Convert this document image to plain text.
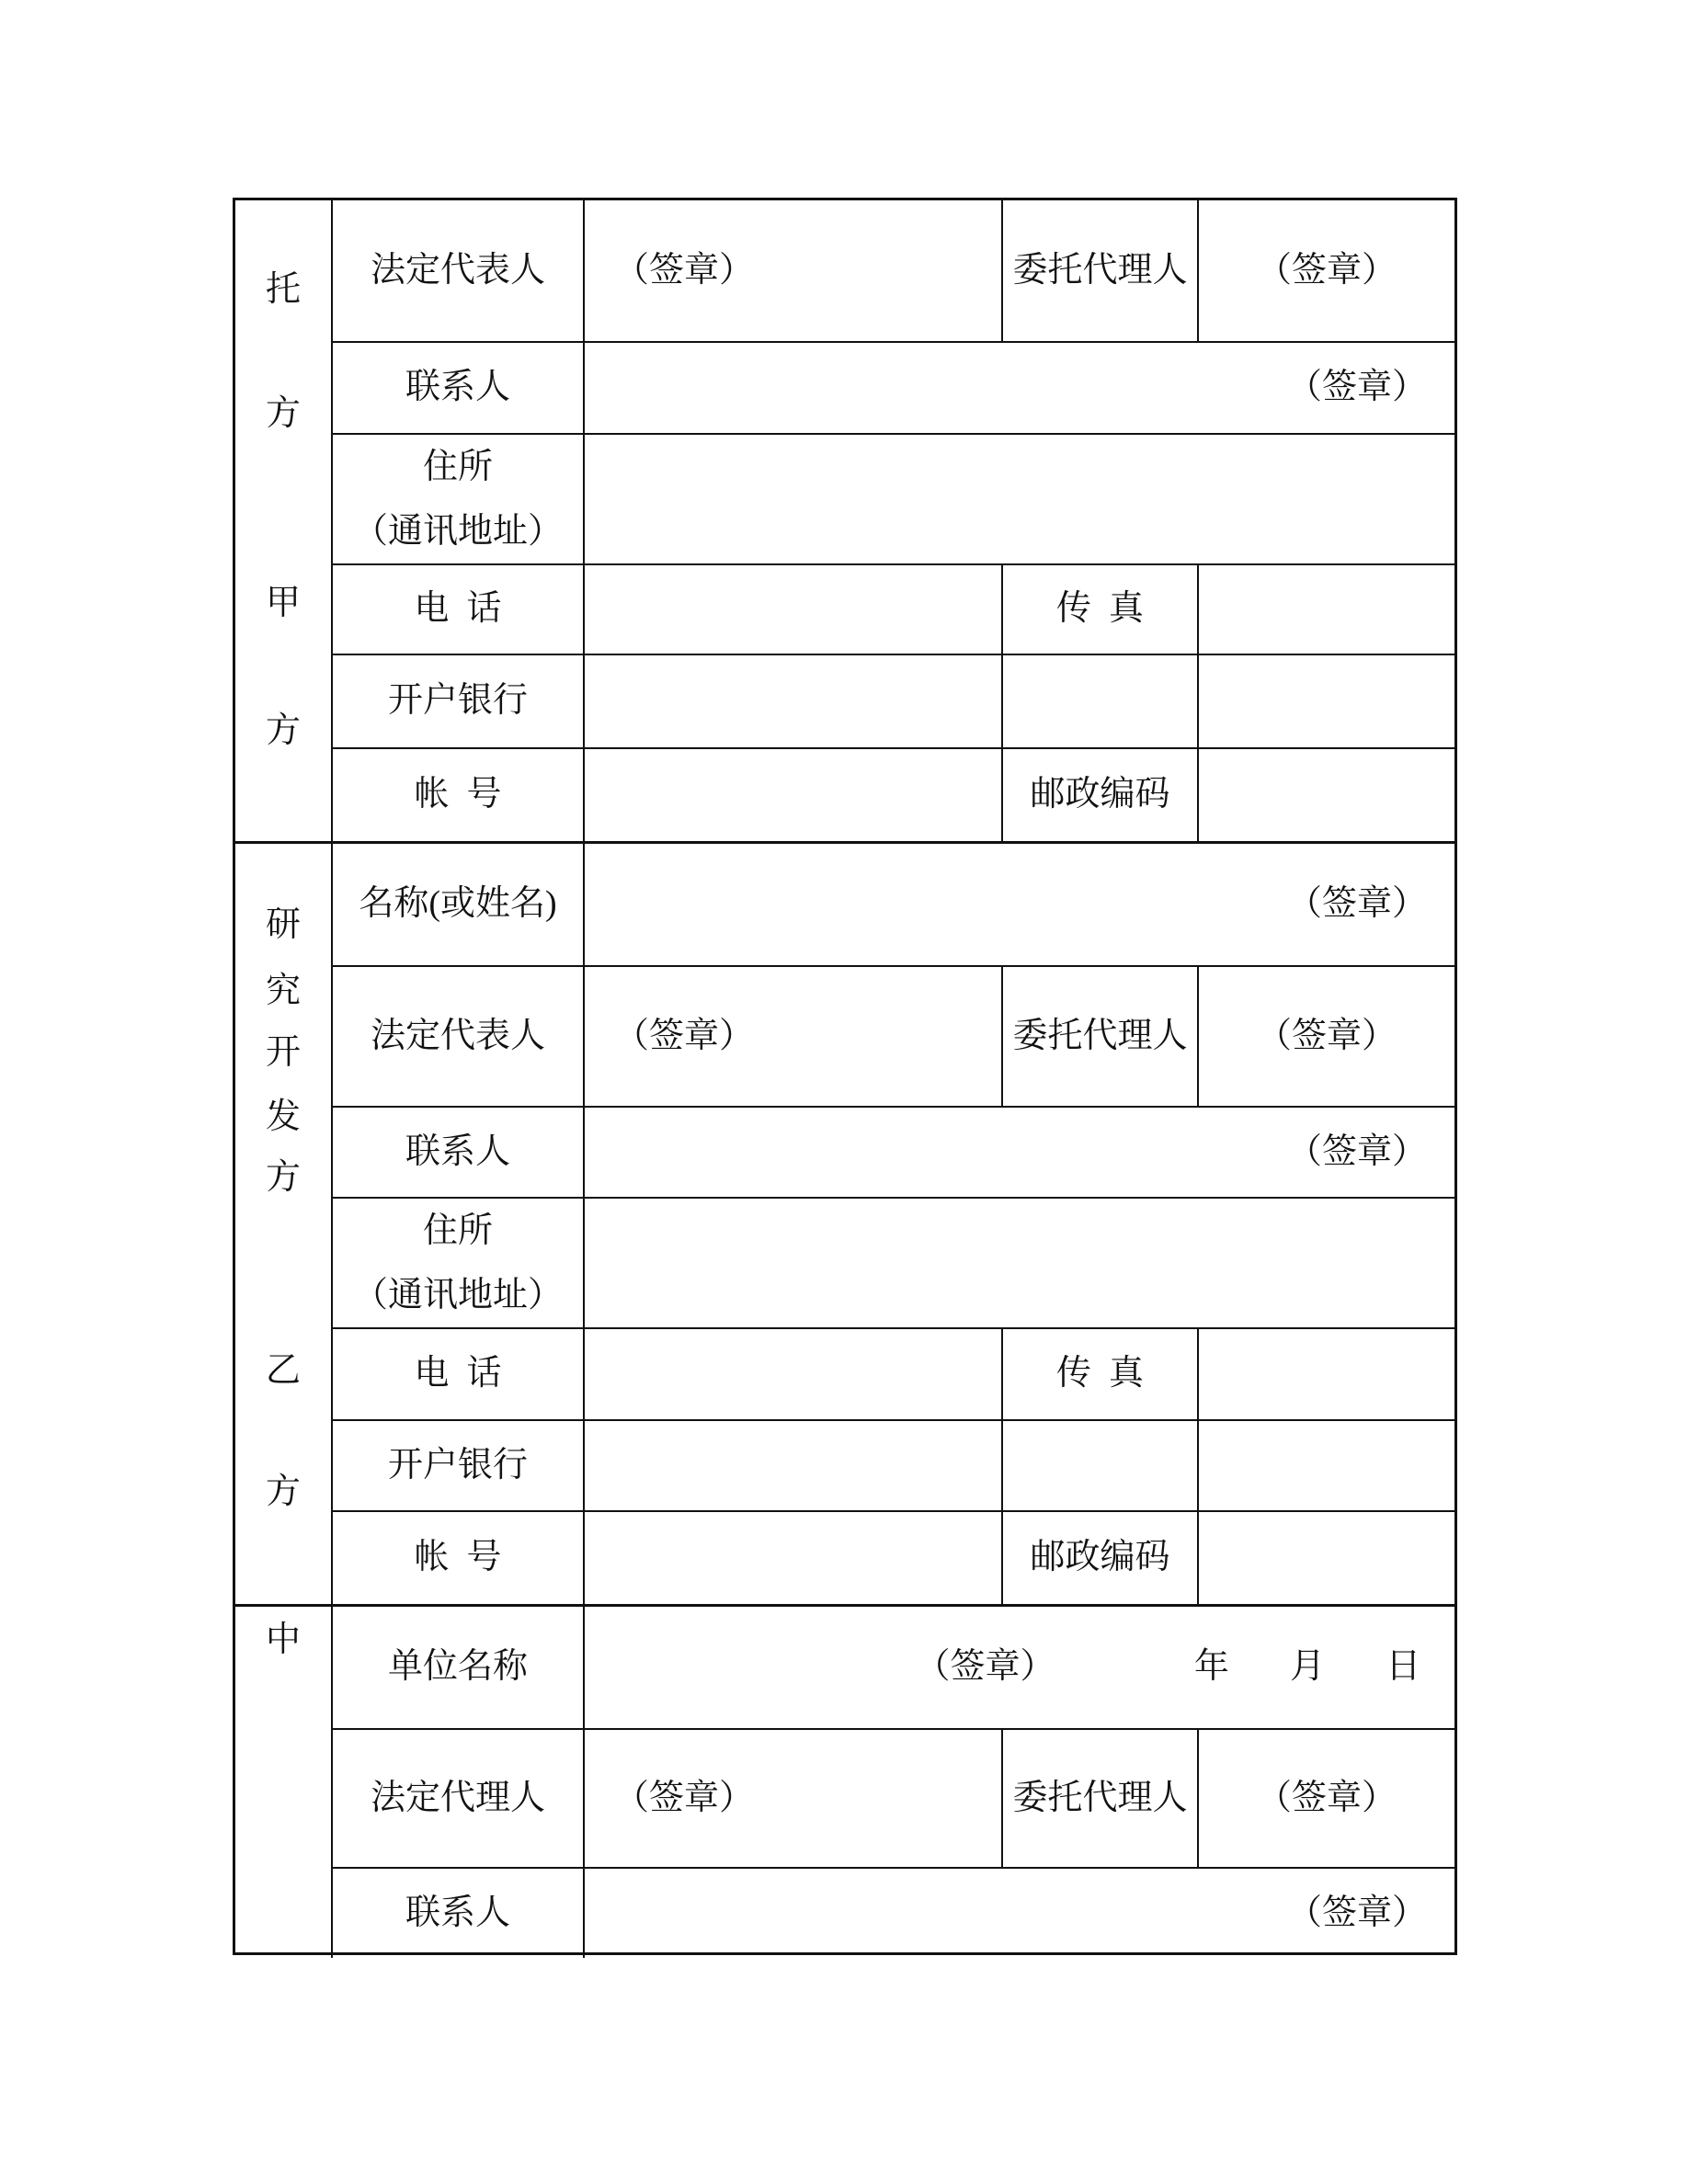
托
方
甲
方
法定代表人 （签章）	委托代理人 （签章）
联系人	（签章）
住所
（通讯地址）
电话	传真
开户银行
帐号	邮政编码
研
究
开
发
方
乙
方
名称(或姓名)	（签章）
法定代表人 （签章）	委托代理人 （签章）
联系人	（签章）
住所
（通讯地址）
电话	传真
开户银行
帐号	邮政编码
中
单位名称	（签章）	年 月 日
法定代理人 （签章）	委托代理人 （签章）
联系人	（签章）
